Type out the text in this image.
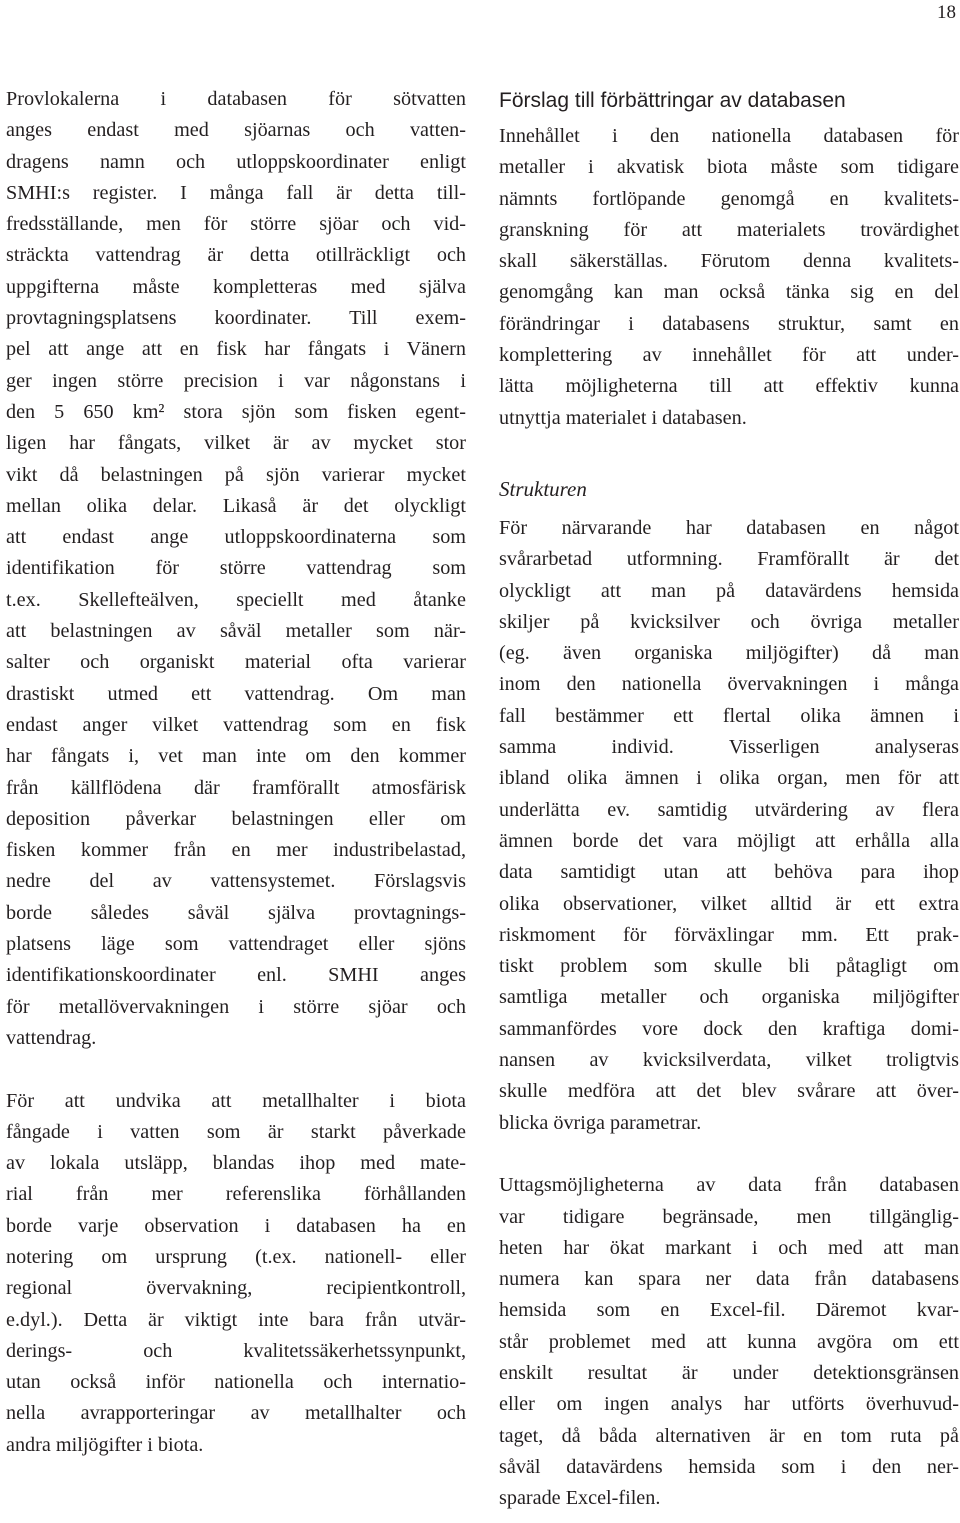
18
Provlokalerna i databasen för sötvatten
anges endast med sjöarnas och vatten-
dragens namn och utloppskoordinater enligt
SMHI:s register. I många fall är detta till-
fredsställande, men för större sjöar och vid-
sträckta vattendrag är detta otillräckligt och
uppgifterna måste kompletteras med själva
provtagningsplatsens koordinater. Till exem-
pel att ange att en fisk har fångats i Vänern
ger ingen större precision i var någonstans i
den 5 650 km² stora sjön som fisken egent-
ligen har fångats, vilket är av mycket stor
vikt då belastningen på sjön varierar mycket
mellan olika delar. Likaså är det olyckligt
att endast ange utloppskoordinaterna som
identifikation för större vattendrag som
t.ex. Skellefteälven, speciellt med åtanke
att belastningen av såväl metaller som när-
salter och organiskt material ofta varierar
drastiskt utmed ett vattendrag. Om man
endast anger vilket vattendrag som en fisk
har fångats i, vet man inte om den kommer
från källflödena där framförallt atmosfärisk
deposition påverkar belastningen eller om
fisken kommer från en mer industribelastad,
nedre del av vattensystemet. Förslagsvis
borde således såväl själva provtagnings-
platsens läge som vattendraget eller sjöns
identifikationskoordinater enl. SMHI anges
för metallövervakningen i större sjöar och
vattendrag.
För att undvika att metallhalter i biota
fångade i vatten som är starkt påverkade
av lokala utsläpp, blandas ihop med mate-
rial från mer referenslika förhållanden
borde varje observation i databasen ha en
notering om ursprung (t.ex. nationell- eller
regional övervakning, recipientkontroll,
e.dyl.). Detta är viktigt inte bara från utvär-
derings- och kvalitetssäkerhetssynpunkt,
utan också inför nationella och internatio-
nella avrapporteringar av metallhalter och
andra miljögifter i biota.
Förslag till förbättringar av databasen
Innehållet i den nationella databasen för
metaller i akvatisk biota måste som tidigare
nämnts fortlöpande genomgå en kvalitets-
granskning för att materialets trovärdighet
skall säkerställas. Förutom denna kvalitets-
genomgång kan man också tänka sig en del
förändringar i databasens struktur, samt en
komplettering av innehållet för att under-
lätta möjligheterna till att effektiv kunna
utnyttja materialet i databasen.
Strukturen
För närvarande har databasen en något
svårarbetad utformning. Framförallt är det
olyckligt att man på datavärdens hemsida
skiljer på kvicksilver och övriga metaller
(eg. även organiska miljögifter) då man
inom den nationella övervakningen i många
fall bestämmer ett flertal olika ämnen i
samma individ. Visserligen analyseras
ibland olika ämnen i olika organ, men för att
underlätta ev. samtidig utvärdering av flera
ämnen borde det vara möjligt att erhålla alla
data samtidigt utan att behöva para ihop
olika observationer, vilket alltid är ett extra
riskmoment för förväxlingar mm. Ett prak-
tiskt problem som skulle bli påtagligt om
samtliga metaller och organiska miljögifter
sammanfördes vore dock den kraftiga domi-
nansen av kvicksilverdata, vilket troligtvis
skulle medföra att det blev svårare att över-
blicka övriga parametrar.
Uttagsmöjligheterna av data från databasen
var tidigare begränsade, men tillgänglig-
heten har ökat markant i och med att man
numera kan spara ner data från databasens
hemsida som en Excel-fil. Däremot kvar-
står problemet med att kunna avgöra om ett
enskilt resultat är under detektionsgränsen
eller om ingen analys har utförts överhuvud-
taget, då båda alternativen är en tom ruta på
såväl datavärdens hemsida som i den ner-
sparade Excel-filen.
